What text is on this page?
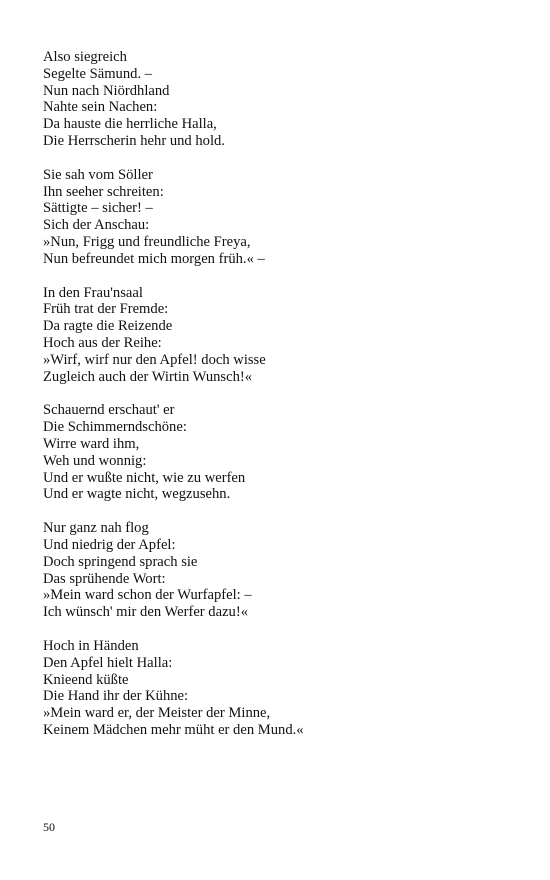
Also siegreich
Segelte Sämund. –
Nun nach Niördhland
Nahte sein Nachen:
Da hauste die herrliche Halla,
Die Herrscherin hehr und hold.
Sie sah vom Söller
Ihn seeher schreiten:
Sättigte – sicher! –
Sich der Anschau:
»Nun, Frigg und freundliche Freya,
Nun befreundet mich morgen früh.« –
In den Frau'nsaal
Früh trat der Fremde:
Da ragte die Reizende
Hoch aus der Reihe:
»Wirf, wirf nur den Apfel! doch wisse
Zugleich auch der Wirtin Wunsch!«
Schauernd erschaut' er
Die Schimmerndschöne:
Wirre ward ihm,
Weh und wonnig:
Und er wußte nicht, wie zu werfen
Und er wagte nicht, wegzusehn.
Nur ganz nah flog
Und niedrig der Apfel:
Doch springend sprach sie
Das sprühende Wort:
»Mein ward schon der Wurfapfel: –
Ich wünsch' mir den Werfer dazu!«
Hoch in Händen
Den Apfel hielt Halla:
Knieend küßte
Die Hand ihr der Kühne:
»Mein ward er, der Meister der Minne,
Keinem Mädchen mehr müht er den Mund.«
50
